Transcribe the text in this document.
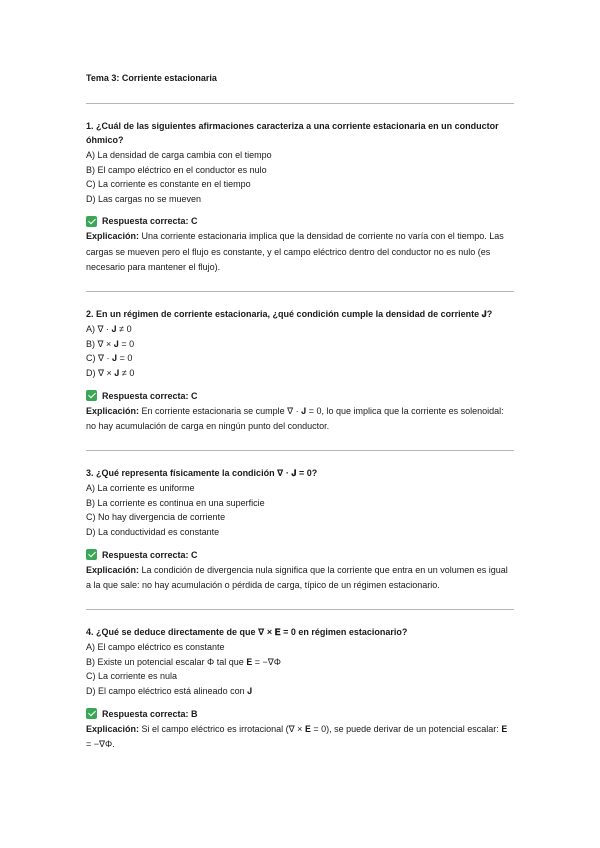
Tema 3: Corriente estacionaria

1. ¿Cuál de las siguientes afirmaciones caracteriza a una corriente estacionaria en un conductor óhmico?

A) La densidad de carga cambia con el tiempo
B) El campo eléctrico en el conductor es nulo
C) La corriente es constante en el tiempo
D) Las cargas no se mueven
Respuesta correcta: C

Explicación: Una corriente estacionaria implica que la densidad de corriente no varía con el tiempo. Las cargas se mueven pero el flujo es constante, y el campo eléctrico dentro del conductor no es nulo (es necesario para mantener el flujo).

2. En un régimen de corriente estacionaria, ¿qué condición cumple la densidad de corriente 𝐉?

A) ∇ · 𝐉 ≠ 0
B) ∇ × 𝐉 = 0
C) ∇ · 𝐉 = 0
D) ∇ × 𝐉 ≠ 0
Respuesta correcta: C

Explicación: En corriente estacionaria se cumple ∇ · 𝐉 = 0, lo que implica que la corriente es solenoidal: no hay acumulación de carga en ningún punto del conductor.

3. ¿Qué representa físicamente la condición ∇ · 𝐉 = 0?

A) La corriente es uniforme
B) La corriente es continua en una superficie
C) No hay divergencia de corriente
D) La conductividad es constante
Respuesta correcta: C

Explicación: La condición de divergencia nula significa que la corriente que entra en un volumen es igual a la que sale: no hay acumulación o pérdida de carga, típico de un régimen estacionario.

4. ¿Qué se deduce directamente de que ∇ × 𝐄 = 0 en régimen estacionario?

A) El campo eléctrico es constante
B) Existe un potencial escalar Φ tal que 𝐄 = −∇Φ
C) La corriente es nula
D) El campo eléctrico está alineado con 𝐉
Respuesta correcta: B

Explicación: Si el campo eléctrico es irrotacional (∇ × 𝐄 = 0), se puede derivar de un potencial escalar: 𝐄 = −∇Φ.
